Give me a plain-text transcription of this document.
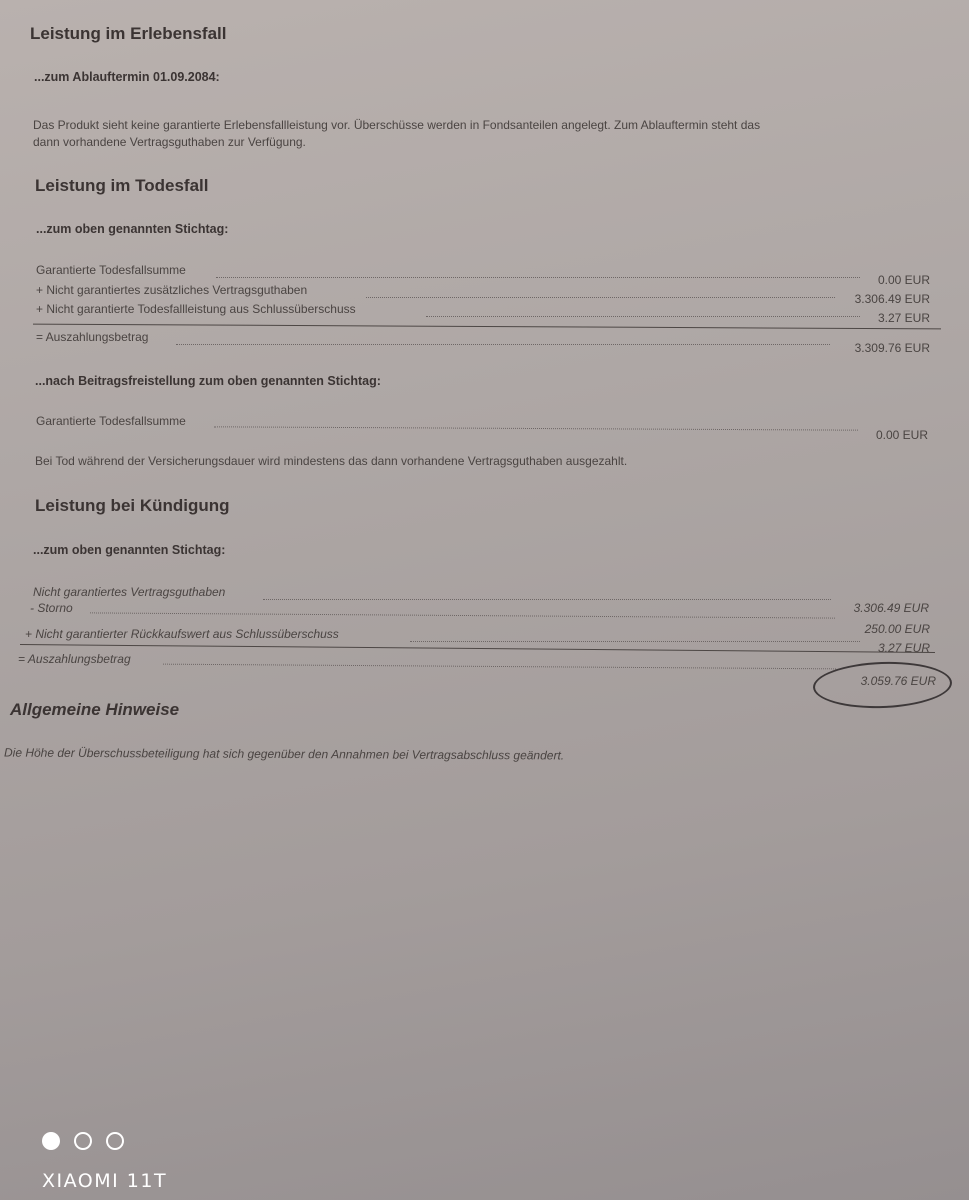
Leistung im Erlebensfall
...zum Ablauftermin 01.09.2084:
Das Produkt sieht keine garantierte Erlebensfallleistung vor. Überschüsse werden in Fondsanteilen angelegt. Zum Ablauftermin steht das
dann vorhandene Vertragsguthaben zur Verfügung.
Leistung im Todesfall
...zum oben genannten Stichtag:
Garantierte Todesfallsumme
0.00 EUR
+ Nicht garantiertes zusätzliches Vertragsguthaben
3.306.49 EUR
+ Nicht garantierte Todesfallleistung aus Schlussüberschuss
3.27 EUR
= Auszahlungsbetrag
3.309.76 EUR
...nach Beitragsfreistellung zum oben genannten Stichtag:
Garantierte Todesfallsumme
0.00 EUR
Bei Tod während der Versicherungsdauer wird mindestens das dann vorhandene Vertragsguthaben ausgezahlt.
Leistung bei Kündigung
...zum oben genannten Stichtag:
Nicht garantiertes Vertragsguthaben
3.306.49 EUR
- Storno
250.00 EUR
+ Nicht garantierter Rückkaufswert aus Schlussüberschuss
3.27 EUR
= Auszahlungsbetrag
3.059.76 EUR
Allgemeine Hinweise
Die Höhe der Überschussbeteiligung hat sich gegenüber den Annahmen bei Vertragsabschluss geändert.
XIAOMI 11T
